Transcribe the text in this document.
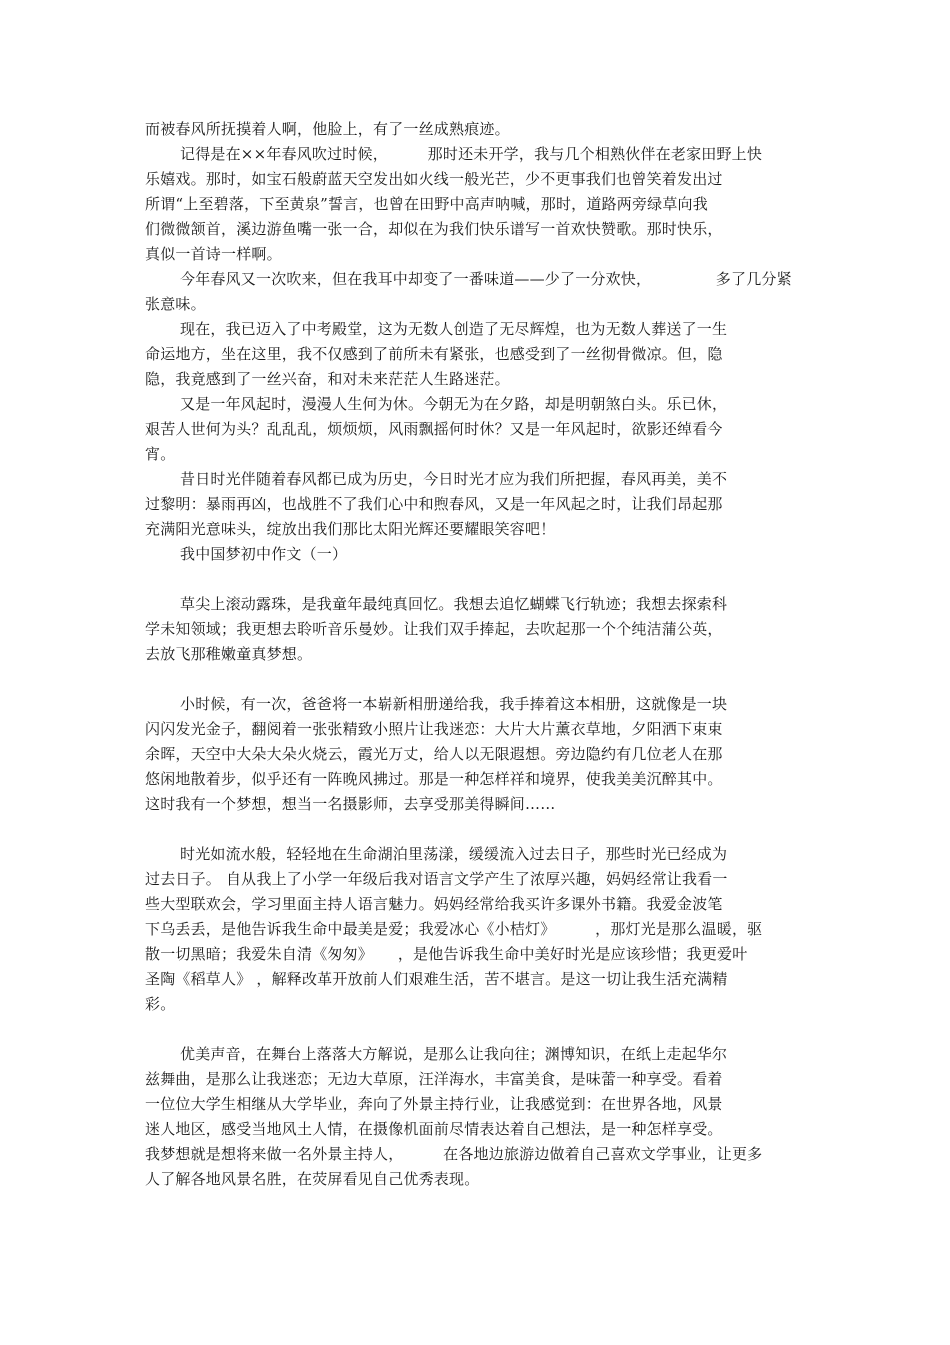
而被春风所抚摸着人啊，他脸上，有了一丝成熟痕迹。

记得是在××年春风吹过时候，        那时还未开学，我与几个相熟伙伴在老家田野上快

乐嬉戏。那时，如宝石般蔚蓝天空发出如火线一般光芒，少不更事我们也曾笑着发出过

所谓“上至碧落，下至黄泉”誓言，也曾在田野中高声呐喊，那时，道路两旁绿草向我

们微微颔首，溪边游鱼嘴一张一合，却似在为我们快乐谱写一首欢快赞歌。那时快乐，

真似一首诗一样啊。

今年春风又一次吹来，但在我耳中却变了一番味道——少了一分欢快，             多了几分紧

张意味。

现在，我已迈入了中考殿堂，这为无数人创造了无尽辉煌，也为无数人葬送了一生

命运地方，坐在这里，我不仅感到了前所未有紧张，也感受到了一丝彻骨微凉。但，隐

隐，我竟感到了一丝兴奋，和对未来茫茫人生路迷茫。

又是一年风起时，漫漫人生何为休。今朝无为在夕路，却是明朝煞白头。乐已休，

艰苦人世何为头？乱乱乱，烦烦烦，风雨飘摇何时休？又是一年风起时，欲影还绰看今

宵。

昔日时光伴随着春风都已成为历史，今日时光才应为我们所把握，春风再美，美不

过黎明：暴雨再凶，也战胜不了我们心中和煦春风，又是一年风起之时，让我们昂起那

充满阳光意味头，绽放出我们那比太阳光辉还要耀眼笑容吧！

我中国梦初中作文（一）

草尖上滚动露珠，是我童年最纯真回忆。我想去追忆蝴蝶飞行轨迹；我想去探索科

学未知领域；我更想去聆听音乐曼妙。让我们双手捧起，去吹起那一个个纯洁蒲公英，

去放飞那稚嫩童真梦想。

小时候，有一次，爸爸将一本崭新相册递给我，我手捧着这本相册，这就像是一块

闪闪发光金子，翻阅着一张张精致小照片让我迷恋：大片大片薰衣草地，夕阳洒下束束

余晖，天空中大朵大朵火烧云，霞光万丈，给人以无限遐想。旁边隐约有几位老人在那

悠闲地散着步，似乎还有一阵晚风拂过。那是一种怎样祥和境界，使我美美沉醉其中。

这时我有一个梦想，想当一名摄影师，去享受那美得瞬间……

时光如流水般，轻轻地在生命湖泊里荡漾，缓缓流入过去日子，那些时光已经成为

过去日子。 自从我上了小学一年级后我对语言文学产生了浓厚兴趣，妈妈经常让我看一

些大型联欢会，学习里面主持人语言魅力。妈妈经常给我买许多课外书籍。我爱金波笔

下乌丢丢，是他告诉我生命中最美是爱；我爱冰心《小桔灯》        ，那灯光是那么温暖，驱

散一切黑暗；我爱朱自清《匆匆》     ，是他告诉我生命中美好时光是应该珍惜；我更爱叶

圣陶《稻草人》 ，解释改革开放前人们艰难生活，苦不堪言。是这一切让我生活充满精

彩。

优美声音，在舞台上落落大方解说，是那么让我向往；渊博知识，在纸上走起华尔

兹舞曲，是那么让我迷恋；无边大草原，汪洋海水，丰富美食，是味蕾一种享受。看着

一位位大学生相继从大学毕业，奔向了外景主持行业，让我感觉到：在世界各地，风景

迷人地区，感受当地风土人情，在摄像机面前尽情表达着自己想法，是一种怎样享受。

我梦想就是想将来做一名外景主持人，        在各地边旅游边做着自己喜欢文学事业，让更多

人了解各地风景名胜，在荧屏看见自己优秀表现。
